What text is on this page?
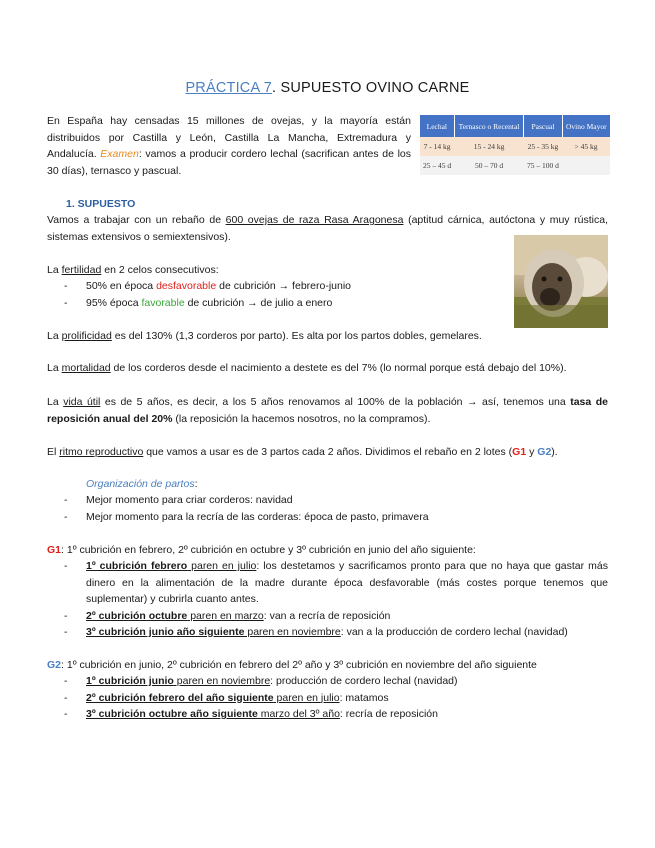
PRÁCTICA 7. SUPUESTO OVINO CARNE
En España hay censadas 15 millones de ovejas, y la mayoría están distribuidos por Castilla y León, Castilla La Mancha, Extremadura y Andalucía. Examen: vamos a producir cordero lechal (sacrifican antes de los 30 días), ternasco y pascual.
Lechal	Ternasco o Recental	Pascual	Ovino Mayor
7 - 14 kg	15 - 24 kg	25 - 35 kg	> 45 kg
25 – 45 d	50 – 70 d	75 – 100 d	
1. SUPUESTO
Vamos a trabajar con un rebaño de 600 ovejas de raza Rasa Aragonesa (aptitud cárnica, autóctona y muy rústica, sistemas extensivos o semiextensivos).
La fertilidad en 2 celos consecutivos:
- 50% en época desfavorable de cubrición → febrero-junio
- 95% época favorable de cubrición → de julio a enero
La prolificidad es del 130% (1,3 corderos por parto). Es alta por los partos dobles, gemelares.
La mortalidad de los corderos desde el nacimiento a destete es del 7% (lo normal porque está debajo del 10%).
La vida útil es de 5 años, es decir, a los 5 años renovamos al 100% de la población → así, tenemos una tasa de reposición anual del 20% (la reposición la hacemos nosotros, no la compramos).
El ritmo reproductivo que vamos a usar es de 3 partos cada 2 años. Dividimos el rebaño en 2 lotes (G1 y G2).
Organización de partos:
- Mejor momento para criar corderos: navidad
- Mejor momento para la recría de las corderas: época de pasto, primavera
G1: 1º cubrición en febrero, 2º cubrición en octubre y 3º cubrición en junio del año siguiente:
- 1º cubrición febrero paren en julio: los destetamos y sacrificamos pronto para que no haya que gastar más dinero en la alimentación de la madre durante época desfavorable (más costes porque tenemos que suplementar) y cubrirla cuanto antes.
- 2º cubrición octubre paren en marzo: van a recría de reposición
- 3º cubrición junio año siguiente paren en noviembre: van a la producción de cordero lechal (navidad)
G2: 1º cubrición en junio, 2º cubrición en febrero del 2º año y 3º cubrición en noviembre del año siguiente
- 1º cubrición junio paren en noviembre: producción de cordero lechal (navidad)
- 2º cubrición febrero del año siguiente paren en julio: matamos
- 3º cubrición octubre año siguiente marzo del 3º año: recría de reposición
